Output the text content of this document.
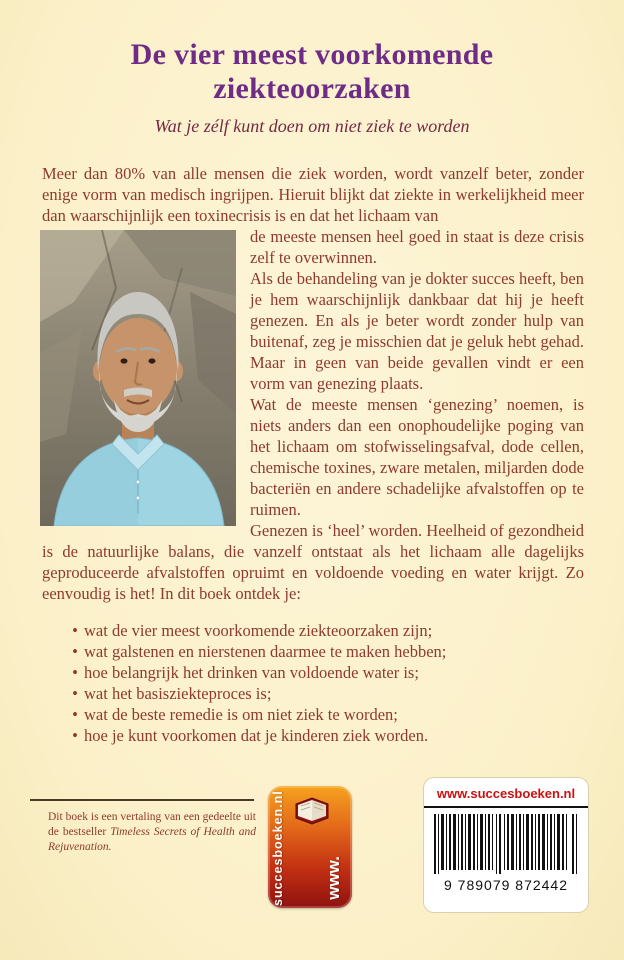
De vier meest voorkomende
ziekteoorzaken
Wat je zélf kunt doen om niet ziek te worden

Meer dan 80% van alle mensen die ziek worden, wordt vanzelf beter, zonder enige vorm van medisch ingrijpen. Hieruit blijkt dat ziekte in werkelijkheid meer dan waarschijnlijk een toxinecrisis is en dat het lichaam van

de meeste mensen heel goed in staat is deze crisis zelf te overwinnen.

Als de behandeling van je dokter succes heeft, ben je hem waarschijnlijk dankbaar dat hij je heeft genezen. En als je beter wordt zonder hulp van buitenaf, zeg je misschien dat je geluk hebt gehad. Maar in geen van beide gevallen vindt er een vorm van genezing plaats.

Wat de meeste mensen ‘genezing’ noemen, is niets anders dan een onophoudelijke poging van het lichaam om stofwisselingsafval, dode cellen, chemische toxines, zware metalen, miljarden dode bacteriën en andere schadelijke afvalstoffen op te ruimen.

Genezen is ‘heel’ worden. Heelheid of gezondheid is de natuurlijke balans, die vanzelf ontstaat als het lichaam alle dagelijks geproduceerde afvalstoffen opruimt en voldoende voeding en water krijgt. Zo eenvoudig is het! In dit boek ontdek je:

• wat de vier meest voorkomende ziekteoorzaken zijn;
• wat galstenen en nierstenen daarmee te maken hebben;
• hoe belangrijk het drinken van voldoende water is;
• wat het basisziekteproces is;
• wat de beste remedie is om niet ziek te worden;
• hoe je kunt voorkomen dat je kinderen ziek worden.
Dit boek is een vertaling van een gedeelte uit de bestseller Timeless Secrets of Health and Rejuvenation.	succesboeken.nl www.
www.succesboeken.nl
9 789079 872442
